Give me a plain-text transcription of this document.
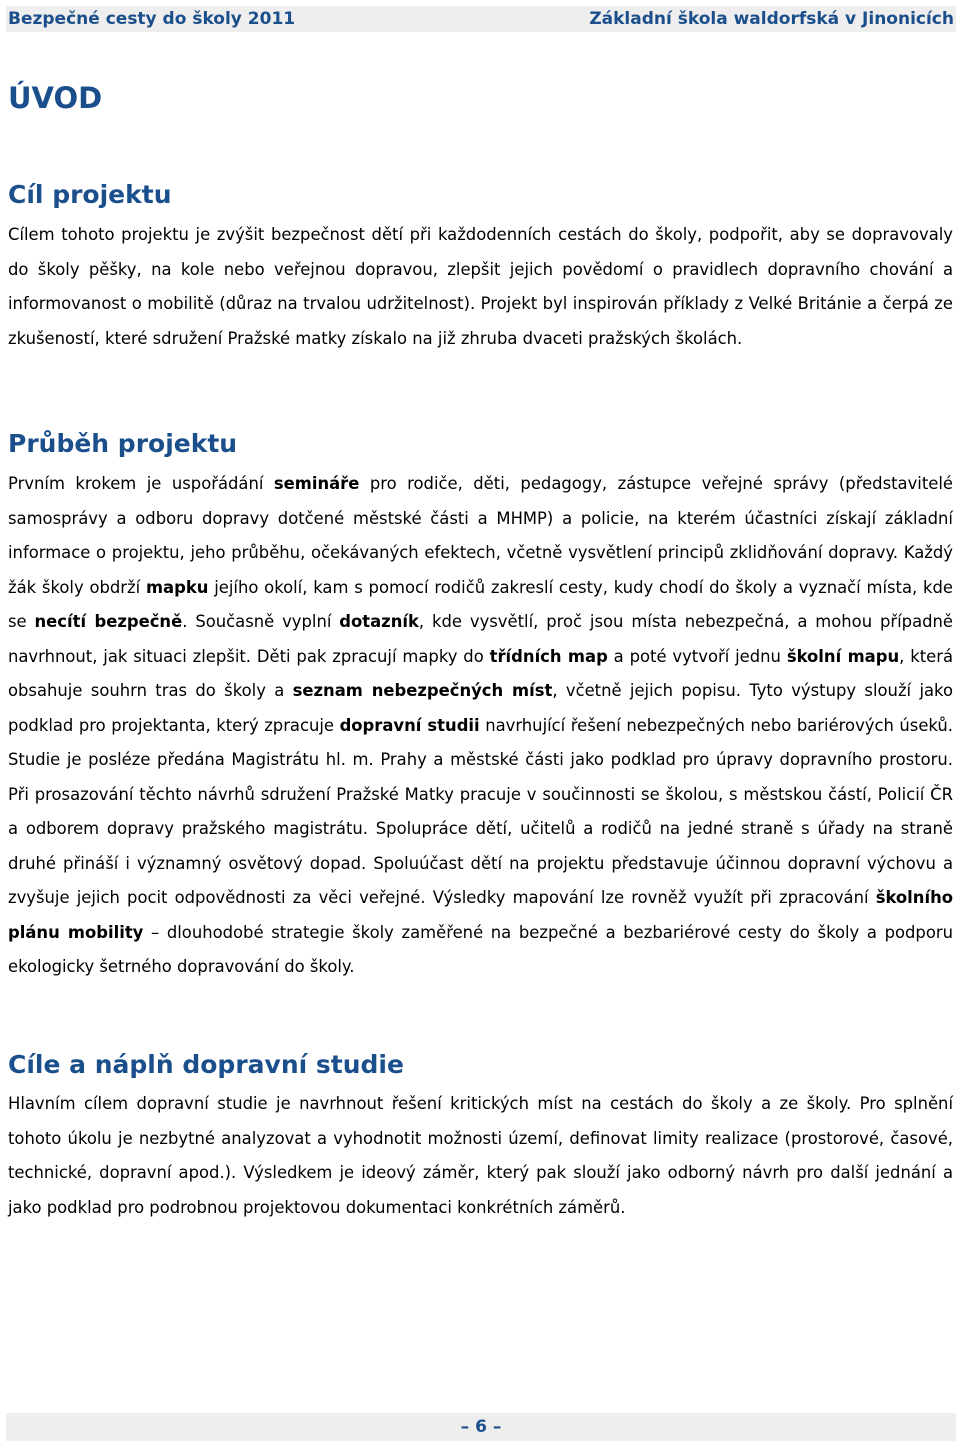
Bezpečné cesty do školy 2011	Základní škola waldorfská v Jinonicích
ÚVOD
Cíl projektu

Cílem tohoto projektu je zvýšit bezpečnost dětí při každodenních cestách do školy, podpořit, aby se dopravovaly do školy pěšky, na kole nebo veřejnou dopravou, zlepšit jejich povědomí o pravidlech dopravního chování a informovanost o mobilitě (důraz na trvalou udržitelnost). Projekt byl inspirován příklady z Velké Británie a čerpá ze zkušeností, které sdružení Pražské matky získalo na již zhruba dvaceti pražských školách.

Průběh projektu

Prvním krokem je uspořádání semináře pro rodiče, děti, pedagogy, zástupce veřejné správy (představitelé samosprávy a odboru dopravy dotčené městské části a MHMP) a policie, na kterém účastníci získají základní informace o projektu, jeho průběhu, očekávaných efektech, včetně vysvětlení principů zklidňování dopravy. Každý žák školy obdrží mapku jejího okolí, kam s pomocí rodičů zakreslí cesty, kudy chodí do školy a vyznačí místa, kde se necítí bezpečně. Současně vyplní dotazník, kde vysvětlí, proč jsou místa nebezpečná, a mohou případně navrhnout, jak situaci zlepšit. Děti pak zpracují mapky do třídních map a poté vytvoří jednu školní mapu, která obsahuje souhrn tras do školy a seznam nebezpečných míst, včetně jejich popisu. Tyto výstupy slouží jako podklad pro projektanta, který zpracuje dopravní studii navrhující řešení nebezpečných nebo bariérových úseků. Studie je posléze předána Magistrátu hl. m. Prahy a městské části jako podklad pro úpravy dopravního prostoru. Při prosazování těchto návrhů sdružení Pražské Matky pracuje v součinnosti se školou, s městskou částí, Policií ČR a odborem dopravy pražského magistrátu. Spolupráce dětí, učitelů a rodičů na jedné straně s úřady na straně druhé přináší i významný osvětový dopad. Spoluúčast dětí na projektu představuje účinnou dopravní výchovu a zvyšuje jejich pocit odpovědnosti za věci veřejné. Výsledky mapování lze rovněž využít při zpracování školního plánu mobility – dlouhodobé strategie školy zaměřené na bezpečné a bezbariérové cesty do školy a podporu ekologicky šetrného dopravování do školy.

Cíle a náplň dopravní studie

Hlavním cílem dopravní studie je navrhnout řešení kritických míst na cestách do školy a ze školy. Pro splnění tohoto úkolu je nezbytné analyzovat a vyhodnotit možnosti území, definovat limity realizace (prostorové, časové, technické, dopravní apod.). Výsledkem je ideový záměr, který pak slouží jako odborný návrh pro další jednání a jako podklad pro podrobnou projektovou dokumentaci konkrétních záměrů.

– 6 –
